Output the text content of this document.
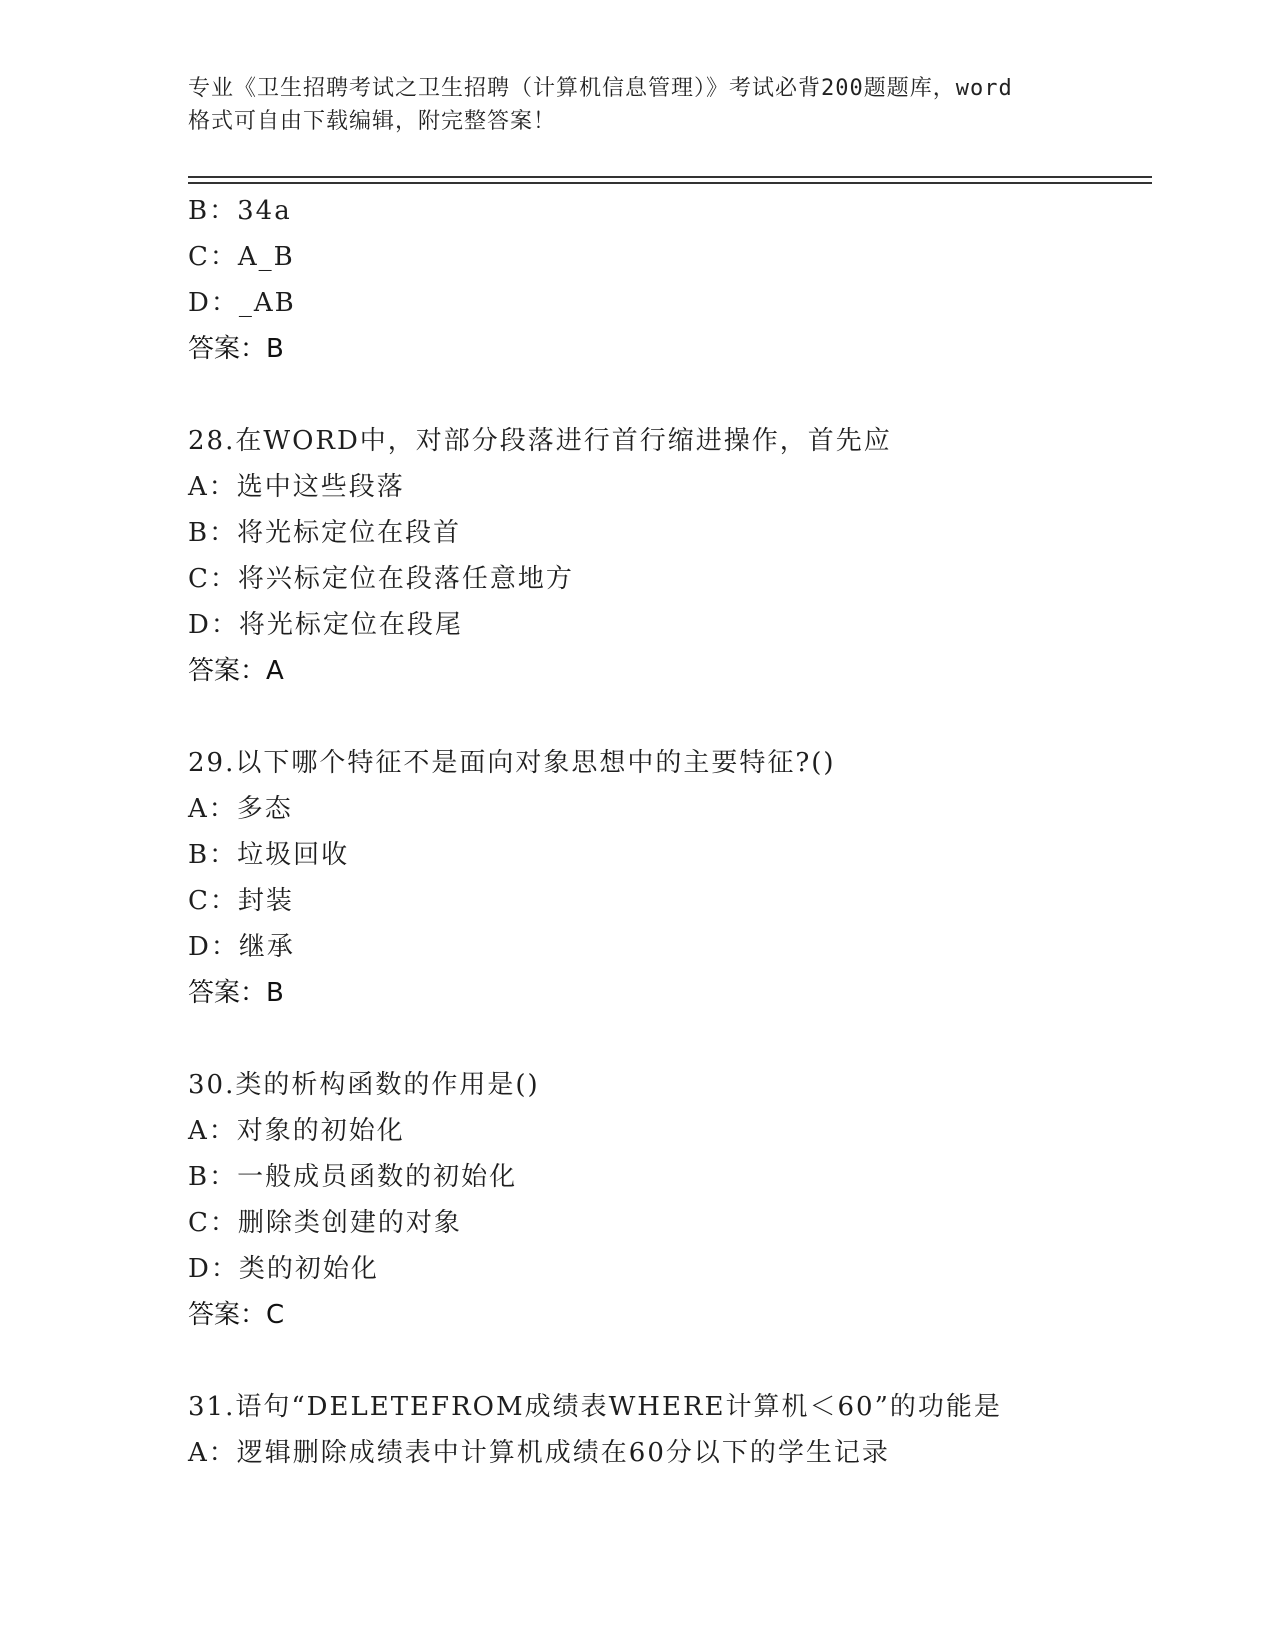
专业《卫生招聘考试之卫生招聘（计算机信息管理）》考试必背200题题库，word
格式可自由下载编辑，附完整答案！
B：34a
C：A_B
D：_AB
答案：B
28.在WORD中，对部分段落进行首行缩进操作，首先应
A：选中这些段落
B：将光标定位在段首
C：将兴标定位在段落任意地方
D：将光标定位在段尾
答案：A
29.以下哪个特征不是面向对象思想中的主要特征?()
A：多态
B：垃圾回收
C：封装
D：继承
答案：B
30.类的析构函数的作用是()
A：对象的初始化
B：一般成员函数的初始化
C：删除类创建的对象
D：类的初始化
答案：C
31.语句“DELETEFROM成绩表WHERE计算机＜60”的功能是
A：逻辑删除成绩表中计算机成绩在60分以下的学生记录
